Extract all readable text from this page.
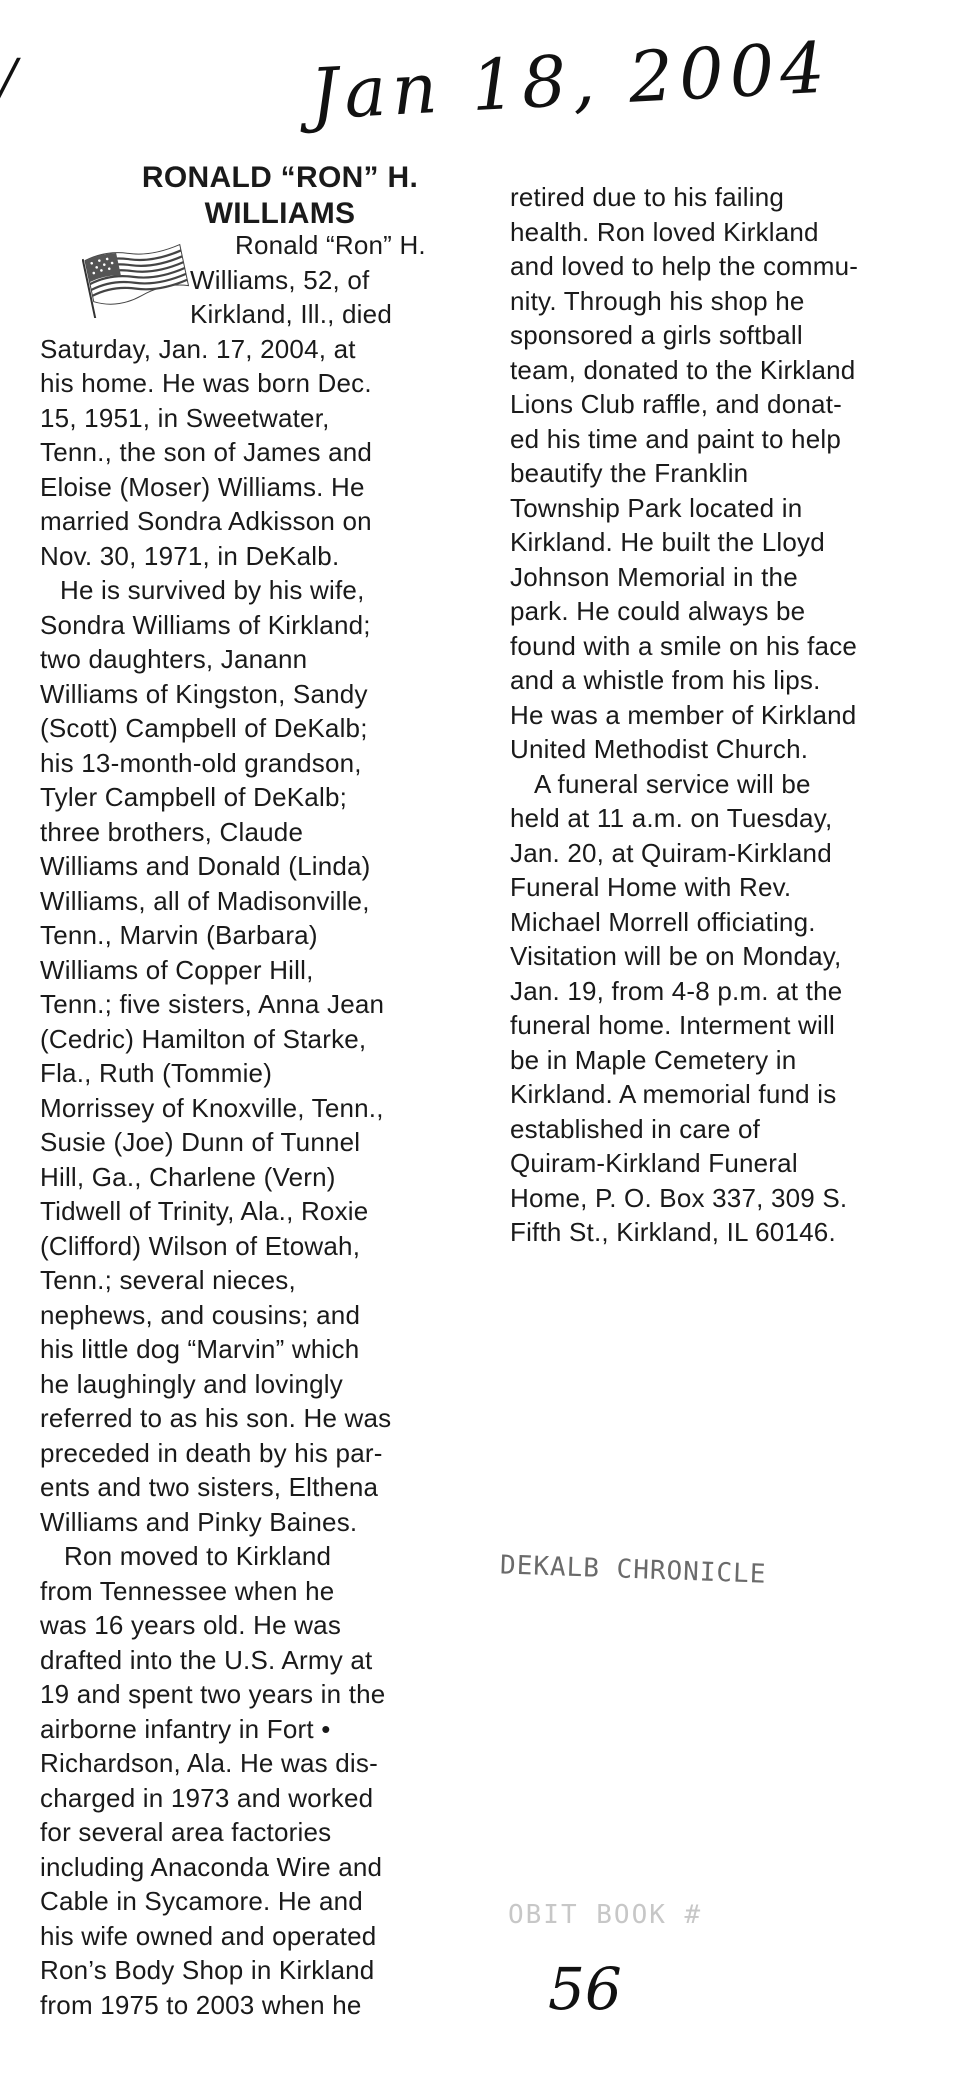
/	Jan 18, 2004
RONALD “RON” H.
WILLIAMS
Ronald “Ron” H.
Williams, 52, of
Kirkland, Ill., died
Saturday, Jan. 17, 2004, at
his home. He was born Dec.
15, 1951, in Sweetwater,
Tenn., the son of James and
Eloise (Moser) Williams. He
married Sondra Adkisson on
Nov. 30, 1971, in DeKalb.
He is survived by his wife,
Sondra Williams of Kirkland;
two daughters, Janann
Williams of Kingston, Sandy
(Scott) Campbell of DeKalb;
his 13-month-old grandson,
Tyler Campbell of DeKalb;
three brothers, Claude
Williams and Donald (Linda)
Williams, all of Madisonville,
Tenn., Marvin (Barbara)
Williams of Copper Hill,
Tenn.; five sisters, Anna Jean
(Cedric) Hamilton of Starke,
Fla., Ruth (Tommie)
Morrissey of Knoxville, Tenn.,
Susie (Joe) Dunn of Tunnel
Hill, Ga., Charlene (Vern)
Tidwell of Trinity, Ala., Roxie
(Clifford) Wilson of Etowah,
Tenn.; several nieces,
nephews, and cousins; and
his little dog “Marvin” which
he laughingly and lovingly
referred to as his son. He was
preceded in death by his par-
ents and two sisters, Elthena
Williams and Pinky Baines.
Ron moved to Kirkland
from Tennessee when he
was 16 years old. He was
drafted into the U.S. Army at
19 and spent two years in the
airborne infantry in Fort •
Richardson, Ala. He was dis-
charged in 1973 and worked
for several area factories
including Anaconda Wire and
Cable in Sycamore. He and
his wife owned and operated
Ron’s Body Shop in Kirkland
from 1975 to 2003 when he
retired due to his failing
health. Ron loved Kirkland
and loved to help the commu-
nity. Through his shop he
sponsored a girls softball
team, donated to the Kirkland
Lions Club raffle, and donat-
ed his time and paint to help
beautify the Franklin
Township Park located in
Kirkland. He built the Lloyd
Johnson Memorial in the
park. He could always be
found with a smile on his face
and a whistle from his lips.
He was a member of Kirkland
United Methodist Church.
A funeral service will be
held at 11 a.m. on Tuesday,
Jan. 20, at Quiram-Kirkland
Funeral Home with Rev.
Michael Morrell officiating.
Visitation will be on Monday,
Jan. 19, from 4-8 p.m. at the
funeral home. Interment will
be in Maple Cemetery in
Kirkland. A memorial fund is
established in care of
Quiram-Kirkland Funeral
Home, P. O. Box 337, 309 S.
Fifth St., Kirkland, IL 60146.
DEKALB CHRONICLE
OBIT BOOK #
56
